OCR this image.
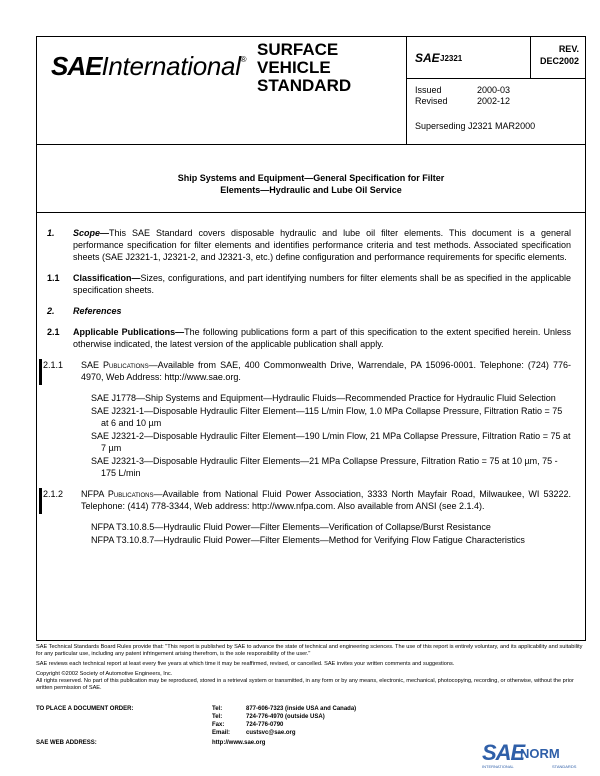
SAEInternational®
SURFACE
VEHICLE
STANDARD
SAE J2321
REV.
DEC2002
Issued	2000-03
Revised	2002-12
Superseding J2321 MAR2000
Ship Systems and Equipment—General Specification for Filter
Elements—Hydraulic and Lube Oil Service
1. Scope—This SAE Standard covers disposable hydraulic and lube oil filter elements. This document is a general performance specification for filter elements and identifies performance criteria and test methods. Associated specification sheets (SAE J2321-1, J2321-2, and J2321-3, etc.) define configuration and performance requirements for specific elements.
1.1 Classification—Sizes, configurations, and part identifying numbers for filter elements shall be as specified in the applicable specification sheets.
2. References
2.1 Applicable Publications—The following publications form a part of this specification to the extent specified herein. Unless otherwise indicated, the latest version of the applicable publication shall apply.
2.1.1 SAE Publications—Available from SAE, 400 Commonwealth Drive, Warrendale, PA 15096-0001. Telephone: (724) 776-4970, Web Address: http://www.sae.org.
SAE J1778—Ship Systems and Equipment—Hydraulic Fluids—Recommended Practice for Hydraulic Fluid Selection
SAE J2321-1—Disposable Hydraulic Filter Element—115 L/min Flow, 1.0 MPa Collapse Pressure, Filtration Ratio = 75 at 6 and 10 µm
SAE J2321-2—Disposable Hydraulic Filter Element—190 L/min Flow, 21 MPa Collapse Pressure, Filtration Ratio = 75 at 7 µm
SAE J2321-3—Disposable Hydraulic Filter Elements—21 MPa Collapse Pressure, Filtration Ratio = 75 at 10 µm, 75 - 175 L/min
2.1.2 NFPA Publications—Available from National Fluid Power Association, 3333 North Mayfair Road, Milwaukee, WI 53222. Telephone: (414) 778-3344, Web address: http://www.nfpa.com. Also available from ANSI (see 2.1.4).
NFPA T3.10.8.5—Hydraulic Fluid Power—Filter Elements—Verification of Collapse/Burst Resistance
NFPA T3.10.8.7—Hydraulic Fluid Power—Filter Elements—Method for Verifying Flow Fatigue Characteristics

SAE Technical Standards Board Rules provide that: "This report is published by SAE to advance the state of technical and engineering sciences. The use of this report is entirely voluntary, and its applicability and suitability for any particular use, including any patent infringement arising therefrom, is the sole responsibility of the user."

SAE reviews each technical report at least every five years at which time it may be reaffirmed, revised, or cancelled. SAE invites your written comments and suggestions.

Copyright ©2002 Society of Automotive Engineers, Inc.
All rights reserved. No part of this publication may be reproduced, stored in a retrieval system or transmitted, in any form or by any means, electronic, mechanical, photocopying, recording, or otherwise, without the prior written permission of SAE.
TO PLACE A DOCUMENT ORDER:	Tel:	877-606-7323 (inside USA and Canada)
Tel:	724-776-4970 (outside USA)
Fax:	724-776-0790
Email:	custsvc@sae.org
SAE WEB ADDRESS:	http://www.sae.org	SAE
NORM
INTERNATIONAL	STANDARDS
